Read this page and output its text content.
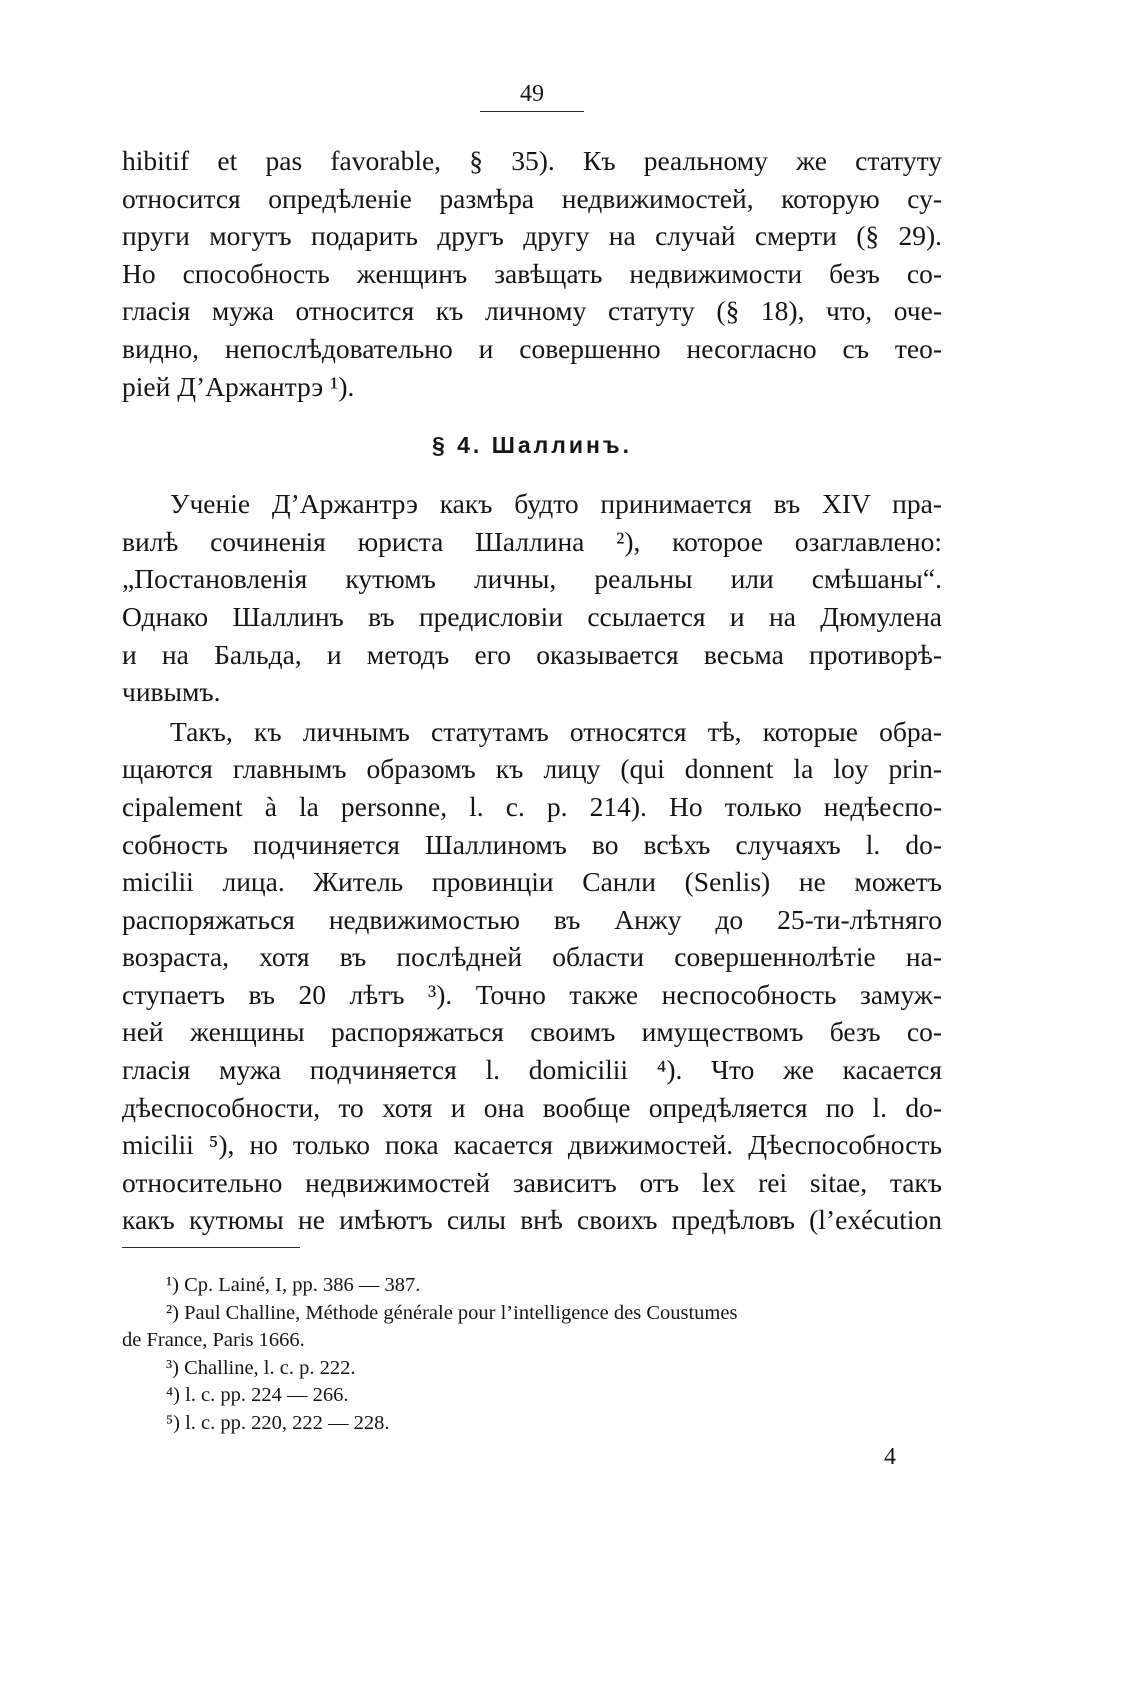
49
hibitif et pas favorable, § 35). Къ реальному же статуту
относится опредѣленіе размѣра недвижимостей, которую су-
пруги могутъ подарить другъ другу на случай смерти (§ 29).
Но способность женщинъ завѣщать недвижимости безъ со-
гласія мужа относится къ личному статуту (§ 18), что, оче-
видно, непослѣдовательно и совершенно несогласно съ тео-
ріей Д’Аржантрэ ¹).
§ 4. Шаллинъ.
Ученіе Д’Аржантрэ какъ будто принимается въ XIV пра-
вилѣ сочиненія юриста Шаллина ²), которое озаглавлено:
„Постановленія кутюмъ личны, реальны или смѣшаны“.
Однако Шаллинъ въ предисловіи ссылается и на Дюмулена
и на Бальда, и методъ его оказывается весьма противорѣ-
чивымъ.
Такъ, къ личнымъ статутамъ относятся тѣ, которые обра-
щаются главнымъ образомъ къ лицу (qui donnent la loy prin-
cipalement à la personne, l. c. p. 214). Но только недѣеспо-
собность подчиняется Шаллиномъ во всѣхъ случаяхъ l. do-
micilii лица. Житель провинціи Санли (Senlis) не можетъ
распоряжаться недвижимостью въ Анжу до 25-ти-лѣтняго
возраста, хотя въ послѣдней области совершеннолѣтіе на-
ступаетъ въ 20 лѣтъ ³). Точно также неспособность замуж-
ней женщины распоряжаться своимъ имуществомъ безъ со-
гласія мужа подчиняется l. domicilii ⁴). Что же касается
дѣеспособности, то хотя и она вообще опредѣляется по l. do-
micilii ⁵), но только пока касается движимостей. Дѣеспособность
относительно недвижимостей зависитъ отъ lex rei sitae, такъ
какъ кутюмы не имѣютъ силы внѣ своихъ предѣловъ (l’exécution
¹) Cp. Lainé, I, pp. 386 — 387.
²) Paul Challine, Méthode générale pour l’intelligence des Coustumes
de France, Paris 1666.
³) Challine, l. c. p. 222.
⁴) l. c. pp. 224 — 266.
⁵) l. c. pp. 220, 222 — 228.
4
